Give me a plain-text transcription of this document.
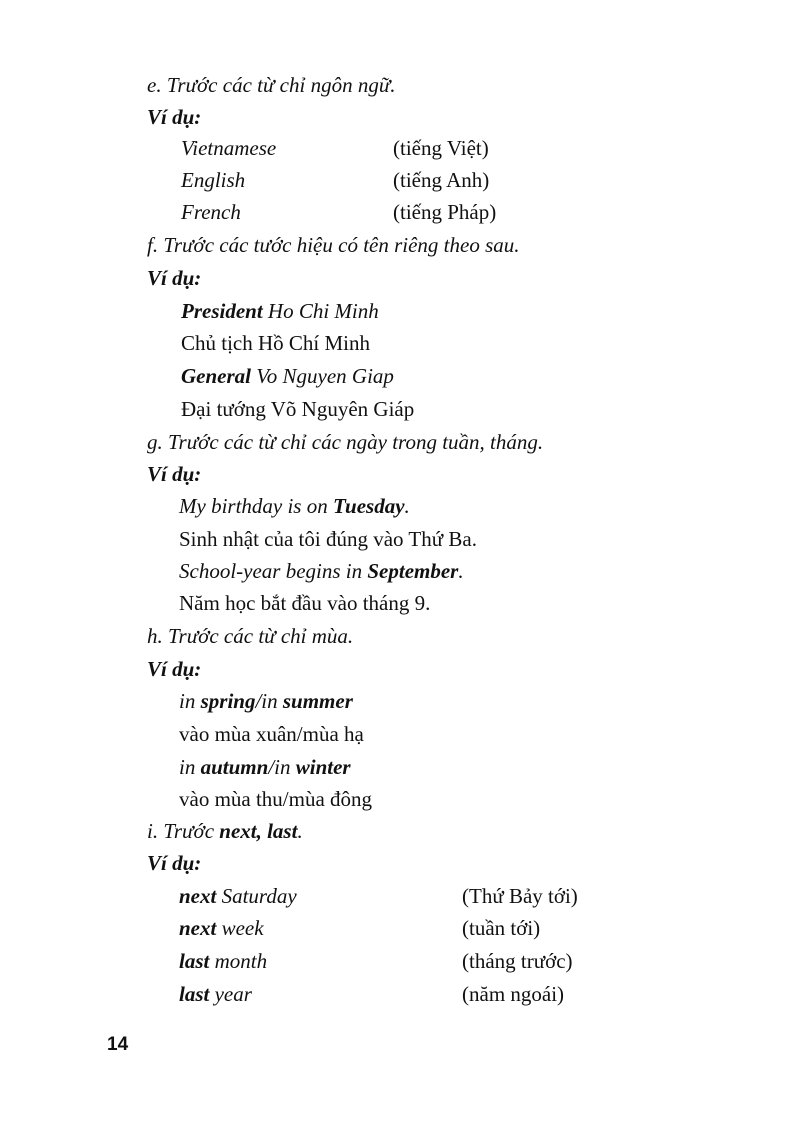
e. Trước các từ chỉ ngôn ngữ.
Ví dụ:
Vietnamese	(tiếng Việt)
English	(tiếng Anh)
French	(tiếng Pháp)
f. Trước các tước hiệu có tên riêng theo sau.
Ví dụ:
President Ho Chi Minh
Chủ tịch Hồ Chí Minh
General Vo Nguyen Giap
Đại tướng Võ Nguyên Giáp
g. Trước các từ chỉ các ngày trong tuần, tháng.
Ví dụ:
My birthday is on Tuesday.
Sinh nhật của tôi đúng vào Thứ Ba.
School-year begins in September.
Năm học bắt đầu vào tháng 9.
h. Trước các từ chỉ mùa.
Ví dụ:
in spring/in summer
vào mùa xuân/mùa hạ
in autumn/in winter
vào mùa thu/mùa đông
i. Trước next, last.
Ví dụ:
next Saturday	(Thứ Bảy tới)
next week	(tuần tới)
last month	(tháng trước)
last year	(năm ngoái)
14
